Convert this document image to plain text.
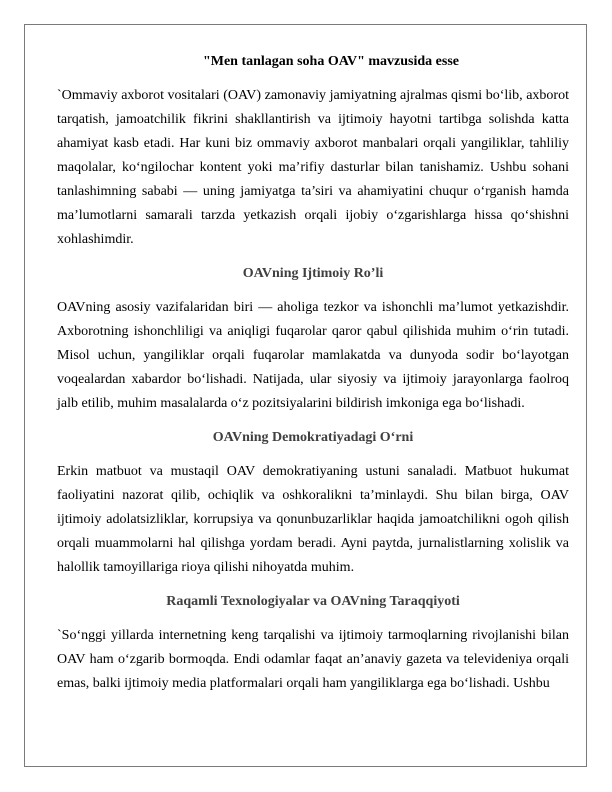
"Men tanlagan soha OAV" mavzusida esse

`Ommaviy axborot vositalari (OAV) zamonaviy jamiyatning ajralmas qismi bo‘lib, axborot tarqatish, jamoatchilik fikrini shakllantirish va ijtimoiy hayotni tartibga solishda katta ahamiyat kasb etadi. Har kuni biz ommaviy axborot manbalari orqali yangiliklar, tahliliy maqolalar, ko‘ngilochar kontent yoki ma’rifiy dasturlar bilan tanishamiz. Ushbu sohani tanlashimning sababi — uning jamiyatga ta’siri va ahamiyatini chuqur o‘rganish hamda ma’lumotlarni samarali tarzda yetkazish orqali ijobiy o‘zgarishlarga hissa qo‘shishni xohlashimdir.

OAVning Ijtimoiy Ro’li

OAVning asosiy vazifalaridan biri — aholiga tezkor va ishonchli ma’lumot yetkazishdir. Axborotning ishonchliligi va aniqligi fuqarolar qaror qabul qilishida muhim o‘rin tutadi. Misol uchun, yangiliklar orqali fuqarolar mamlakatda va dunyoda sodir bo‘layotgan voqealardan xabardor bo‘lishadi. Natijada, ular siyosiy va ijtimoiy jarayonlarga faolroq jalb etilib, muhim masalalarda o‘z pozitsiyalarini bildirish imkoniga ega bo‘lishadi.

OAVning Demokratiyadagi O‘rni

Erkin matbuot va mustaqil OAV demokratiyaning ustuni sanaladi. Matbuot hukumat faoliyatini nazorat qilib, ochiqlik va oshkoralikni ta’minlaydi. Shu bilan birga, OAV ijtimoiy adolatsizliklar, korrupsiya va qonunbuzarliklar haqida jamoatchilikni ogoh qilish orqali muammolarni hal qilishga yordam beradi. Ayni paytda, jurnalistlarning xolislik va halollik tamoyillariga rioya qilishi nihoyatda muhim.

Raqamli Texnologiyalar va OAVning Taraqqiyoti

`So‘nggi yillarda internetning keng tarqalishi va ijtimoiy tarmoqlarning rivojlanishi bilan OAV ham o‘zgarib bormoqda. Endi odamlar faqat an’anaviy gazeta va televideniya orqali emas, balki ijtimoiy media platformalari orqali ham yangiliklarga ega bo‘lishadi. Ushbu
